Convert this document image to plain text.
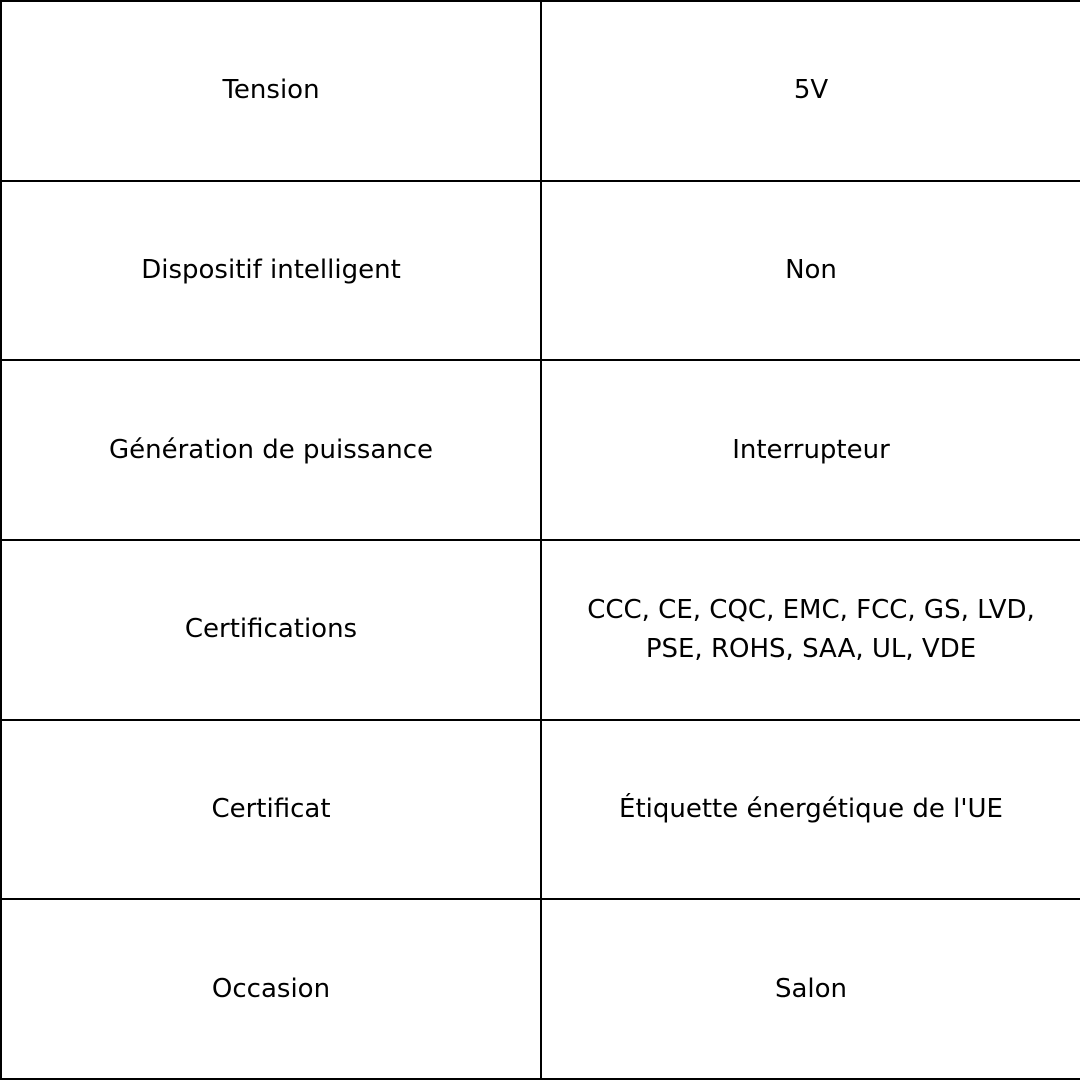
Tension	5V
Dispositif intelligent	Non
Génération de puissance	Interrupteur
Certifications	CCC, CE, CQC, EMC, FCC, GS, LVD, PSE, ROHS, SAA, UL, VDE
Certificat	Étiquette énergétique de l'UE
Occasion	Salon
